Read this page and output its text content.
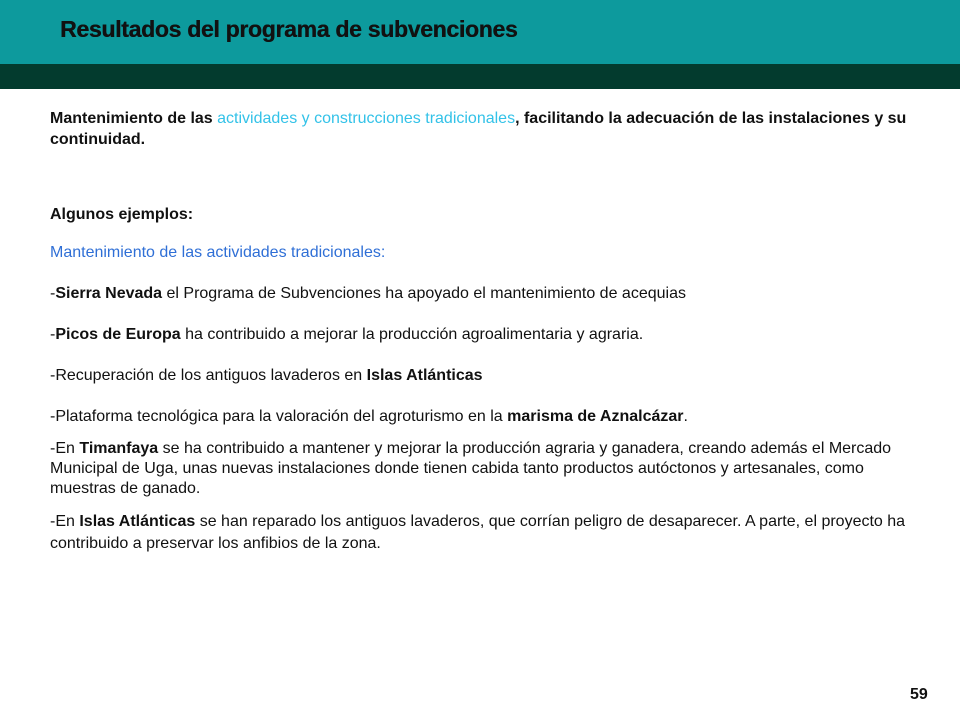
Resultados del programa de subvenciones

Mantenimiento de las actividades y construcciones tradicionales, facilitando la adecuación de las instalaciones y su continuidad.

Algunos ejemplos:

Mantenimiento de las actividades tradicionales:

-Sierra Nevada el Programa de Subvenciones ha apoyado el mantenimiento de acequias

-Picos de Europa ha contribuido a mejorar la producción agroalimentaria y agraria.

-Recuperación de los antiguos lavaderos en Islas Atlánticas

-Plataforma tecnológica para la valoración del agroturismo en la marisma de Aznalcázar.

-En Timanfaya se ha contribuido a mantener y mejorar la producción agraria y ganadera, creando además el Mercado Municipal de Uga, unas nuevas instalaciones donde tienen cabida tanto productos autóctonos y artesanales, como muestras de ganado.

-En Islas Atlánticas se han reparado los antiguos lavaderos, que corrían peligro de desaparecer. A parte, el proyecto ha contribuido a preservar los anfibios de la zona.

59
